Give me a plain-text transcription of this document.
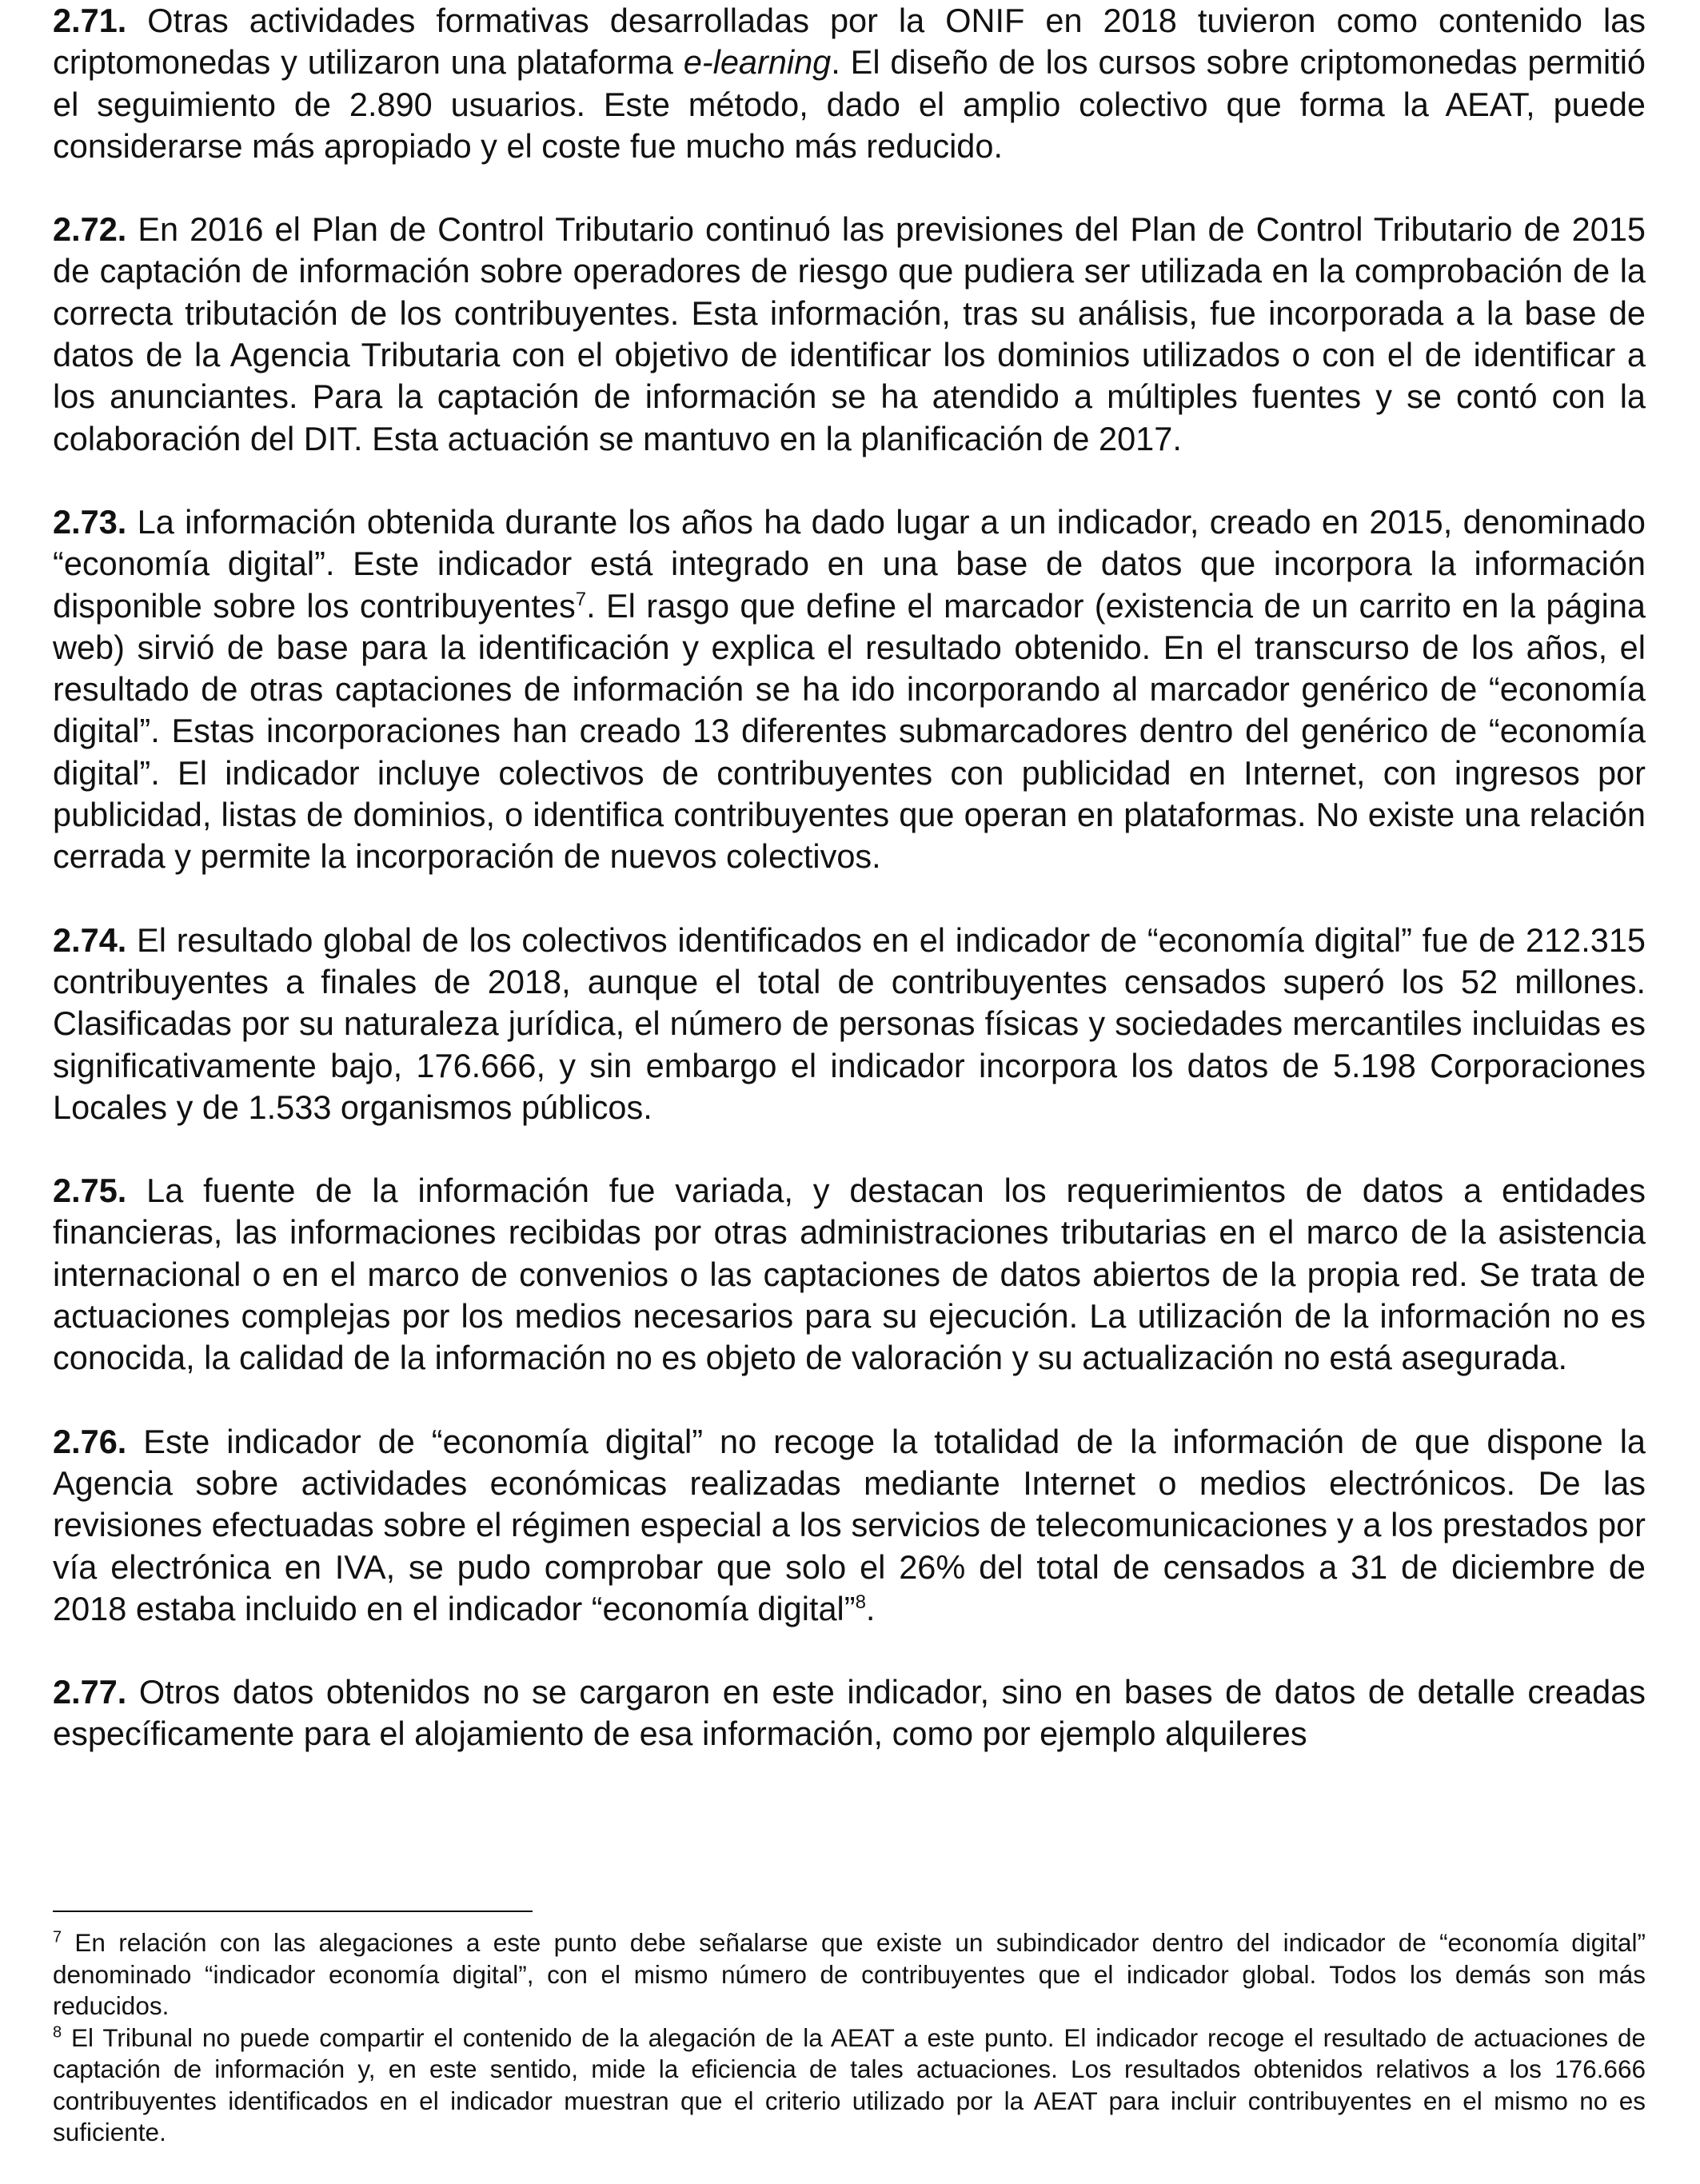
2.71. Otras actividades formativas desarrolladas por la ONIF en 2018 tuvieron como contenido las criptomonedas y utilizaron una plataforma e-learning. El diseño de los cursos sobre criptomonedas permitió el seguimiento de 2.890 usuarios. Este método, dado el amplio colectivo que forma la AEAT, puede considerarse más apropiado y el coste fue mucho más reducido.

2.72. En 2016 el Plan de Control Tributario continuó las previsiones del Plan de Control Tributario de 2015 de captación de información sobre operadores de riesgo que pudiera ser utilizada en la comprobación de la correcta tributación de los contribuyentes. Esta información, tras su análisis, fue incorporada a la base de datos de la Agencia Tributaria con el objetivo de identificar los dominios utilizados o con el de identificar a los anunciantes. Para la captación de información se ha atendido a múltiples fuentes y se contó con la colaboración del DIT. Esta actuación se mantuvo en la planificación de 2017.

2.73. La información obtenida durante los años ha dado lugar a un indicador, creado en 2015, denominado “economía digital”. Este indicador está integrado en una base de datos que incorpora la información disponible sobre los contribuyentes$^7$. El rasgo que define el marcador (existencia de un carrito en la página web) sirvió de base para la identificación y explica el resultado obtenido. En el transcurso de los años, el resultado de otras captaciones de información se ha ido incorporando al marcador genérico de “economía digital”. Estas incorporaciones han creado 13 diferentes submarcadores dentro del genérico de “economía digital”. El indicador incluye colectivos de contribuyentes con publicidad en Internet, con ingresos por publicidad, listas de dominios, o identifica contribuyentes que operan en plataformas. No existe una relación cerrada y permite la incorporación de nuevos colectivos.

2.74. El resultado global de los colectivos identificados en el indicador de “economía digital” fue de 212.315 contribuyentes a finales de 2018, aunque el total de contribuyentes censados superó los 52 millones. Clasificadas por su naturaleza jurídica, el número de personas físicas y sociedades mercantiles incluidas es significativamente bajo, 176.666, y sin embargo el indicador incorpora los datos de 5.198 Corporaciones Locales y de 1.533 organismos públicos.

2.75. La fuente de la información fue variada, y destacan los requerimientos de datos a entidades financieras, las informaciones recibidas por otras administraciones tributarias en el marco de la asistencia internacional o en el marco de convenios o las captaciones de datos abiertos de la propia red. Se trata de actuaciones complejas por los medios necesarios para su ejecución. La utilización de la información no es conocida, la calidad de la información no es objeto de valoración y su actualización no está asegurada.

2.76. Este indicador de “economía digital” no recoge la totalidad de la información de que dispone la Agencia sobre actividades económicas realizadas mediante Internet o medios electrónicos. De las revisiones efectuadas sobre el régimen especial a los servicios de telecomunicaciones y a los prestados por vía electrónica en IVA, se pudo comprobar que solo el 26% del total de censados a 31 de diciembre de 2018 estaba incluido en el indicador “economía digital”$^8$.

2.77. Otros datos obtenidos no se cargaron en este indicador, sino en bases de datos de detalle creadas específicamente para el alojamiento de esa información, como por ejemplo alquileres

$^7$ En relación con las alegaciones a este punto debe señalarse que existe un subindicador dentro del indicador de “economía digital” denominado “indicador economía digital”, con el mismo número de contribuyentes que el indicador global. Todos los demás son más reducidos.

$^8$ El Tribunal no puede compartir el contenido de la alegación de la AEAT a este punto. El indicador recoge el resultado de actuaciones de captación de información y, en este sentido, mide la eficiencia de tales actuaciones. Los resultados obtenidos relativos a los 176.666 contribuyentes identificados en el indicador muestran que el criterio utilizado por la AEAT para incluir contribuyentes en el mismo no es suficiente.
